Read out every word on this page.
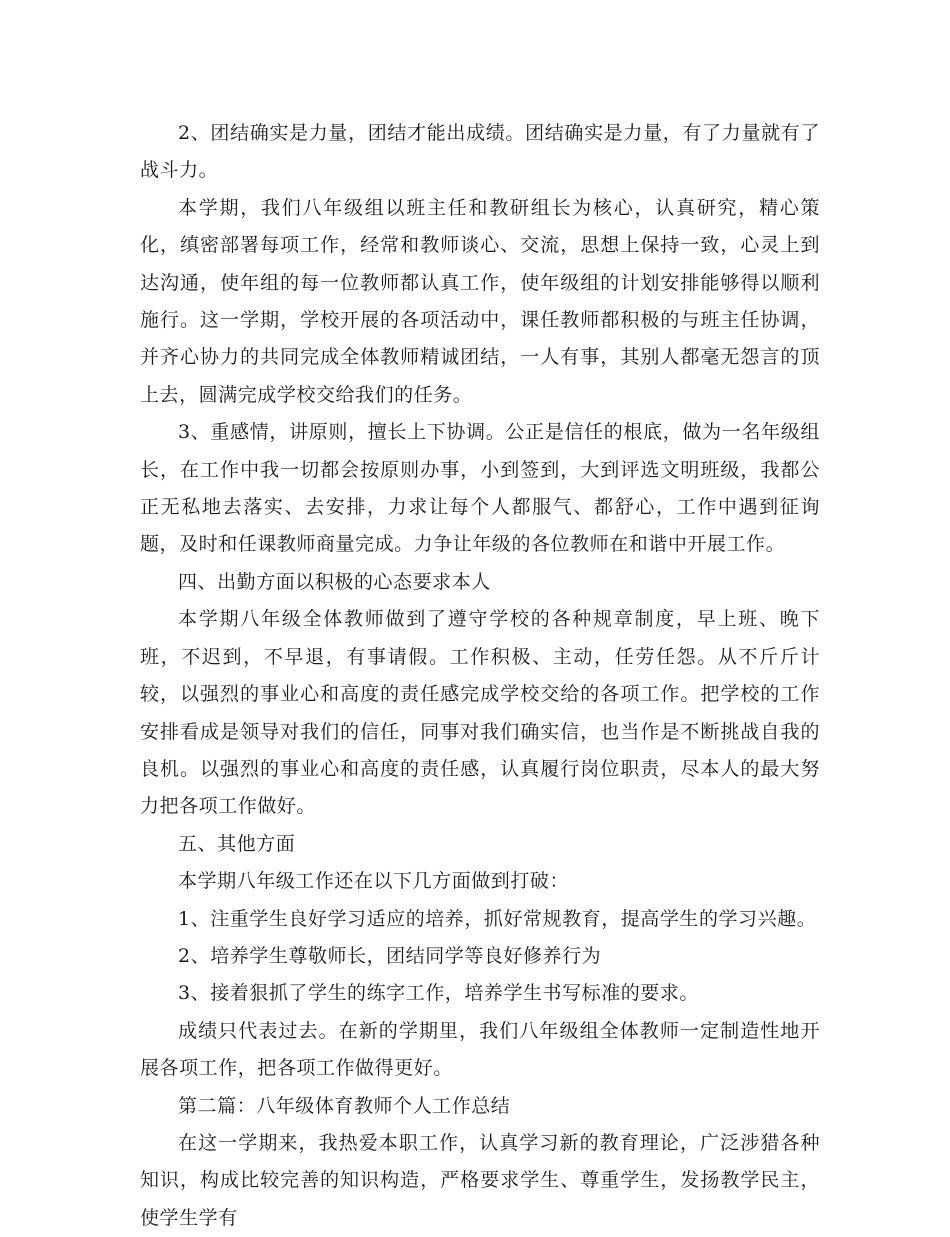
2、团结确实是力量，团结才能出成绩。团结确实是力量，有了力量就有了战斗力。

本学期，我们八年级组以班主任和教研组长为核心，认真研究，精心策化，缜密部署每项工作，经常和教师谈心、交流，思想上保持一致，心灵上到达沟通，使年组的每一位教师都认真工作，使年级组的计划安排能够得以顺利施行。这一学期，学校开展的各项活动中，课任教师都积极的与班主任协调，并齐心协力的共同完成全体教师精诚团结，一人有事，其别人都毫无怨言的顶上去，圆满完成学校交给我们的任务。

3、重感情，讲原则，擅长上下协调。公正是信任的根底，做为一名年级组长，在工作中我一切都会按原则办事，小到签到，大到评选文明班级，我都公正无私地去落实、去安排，力求让每个人都服气、都舒心，工作中遇到征询题，及时和任课教师商量完成。力争让年级的各位教师在和谐中开展工作。

四、出勤方面以积极的心态要求本人

本学期八年级全体教师做到了遵守学校的各种规章制度，早上班、晚下班，不迟到，不早退，有事请假。工作积极、主动，任劳任怨。从不斤斤计较，以强烈的事业心和高度的责任感完成学校交给的各项工作。把学校的工作安排看成是领导对我们的信任，同事对我们确实信，也当作是不断挑战自我的良机。以强烈的事业心和高度的责任感，认真履行岗位职责，尽本人的最大努力把各项工作做好。

五、其他方面

本学期八年级工作还在以下几方面做到打破：

1、注重学生良好学习适应的培养，抓好常规教育，提高学生的学习兴趣。

2、培养学生尊敬师长，团结同学等良好修养行为

3、接着狠抓了学生的练字工作，培养学生书写标准的要求。

成绩只代表过去。在新的学期里，我们八年级组全体教师一定制造性地开展各项工作，把各项工作做得更好。

第二篇：八年级体育教师个人工作总结

在这一学期来，我热爱本职工作，认真学习新的教育理论，广泛涉猎各种知识，构成比较完善的知识构造，严格要求学生、尊重学生，发扬教学民主，使学生学有
